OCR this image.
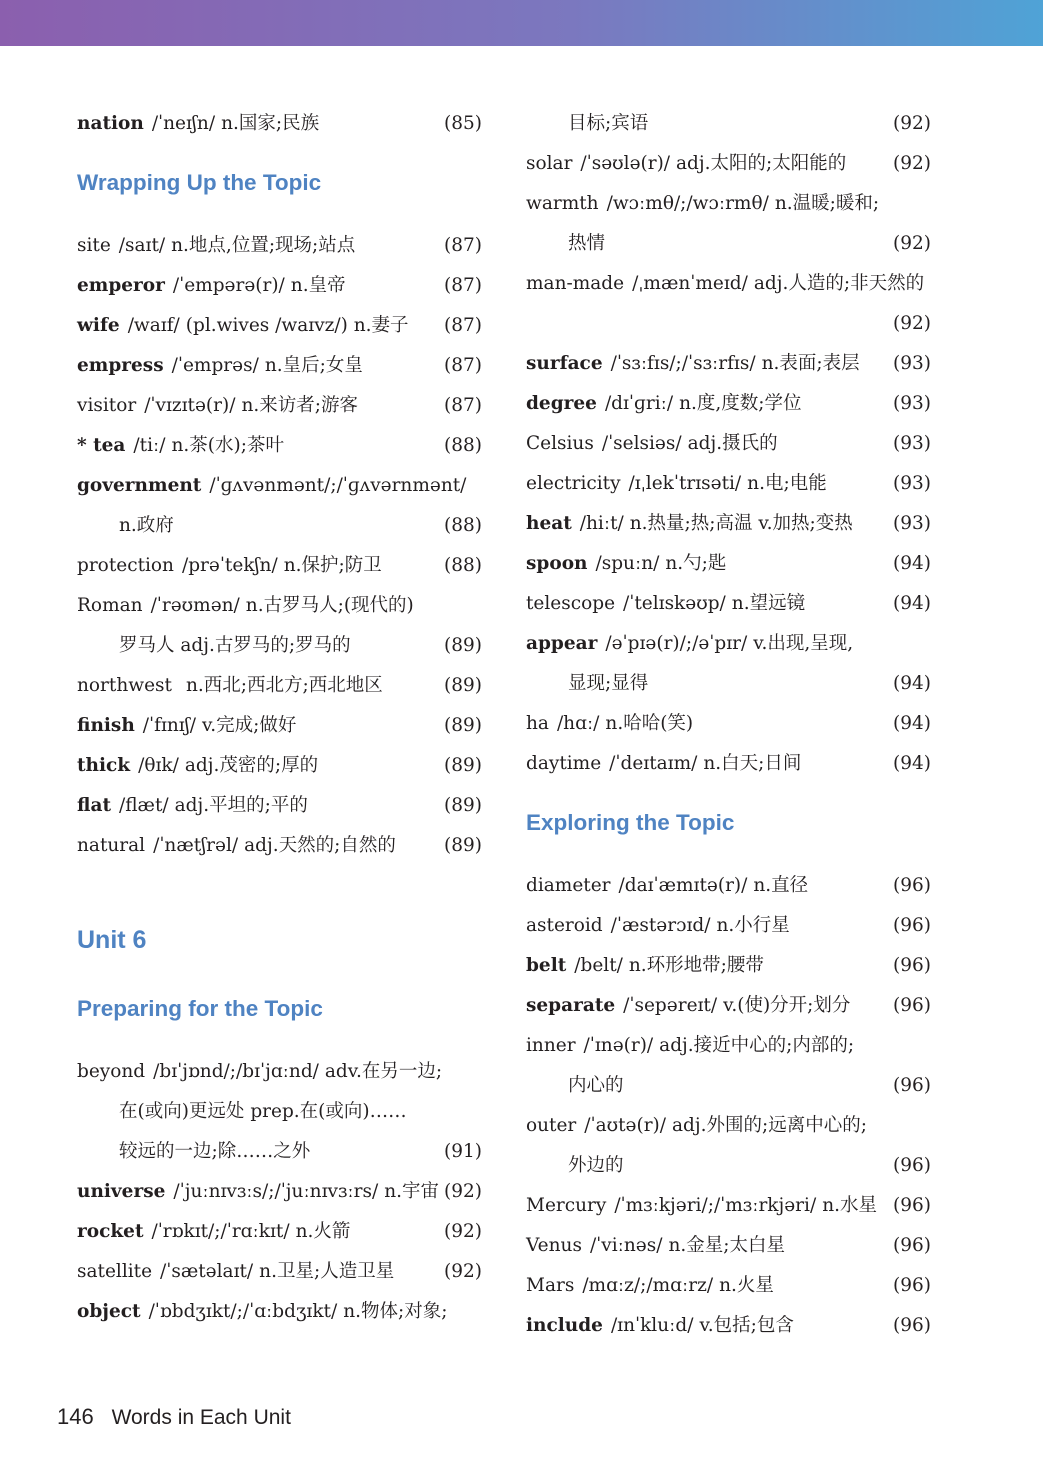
nation /ˈneɪʃn/ n.国家;民族	(85)
Wrapping Up the Topic
site /saɪt/ n.地点,位置;现场;站点	(87)
emperor /ˈempərə(r)/ n.皇帝	(87)
wife /waɪf/ (pl.wives /waɪvz/) n.妻子 (87)
empress /ˈemprəs/ n.皇后;女皇	(87)
visitor /ˈvɪzɪtə(r)/ n.来访者;游客	(87)
* tea /tiː/ n.茶(水);茶叶	(88)
government /ˈɡʌvənmənt/;/ˈɡʌvərnmənt/
n.政府	(88)
protection /prəˈtekʃn/ n.保护;防卫	(88)
Roman /ˈrəʊmən/ n.古罗马人;(现代的)
罗马人 adj.古罗马的;罗马的	(89)
northwest n.西北;西北方;西北地区	(89)
finish /ˈfɪnɪʃ/ v.完成;做好	(89)
thick /θɪk/ adj.茂密的;厚的	(89)
flat /flæt/ adj.平坦的;平的	(89)
natural /ˈnætʃrəl/ adj.天然的;自然的	(89)
Unit 6
Preparing for the Topic
beyond /bɪˈjɒnd/;/bɪˈjɑːnd/ adv.在另一边;
在(或向)更远处 prep.在(或向)……
较远的一边;除……之外	(91)
universe /ˈjuːnɪvɜːs/;/ˈjuːnɪvɜːrs/ n.宇宙 (92)
rocket /ˈrɒkɪt/;/ˈrɑːkɪt/ n.火箭	(92)
satellite /ˈsætəlaɪt/ n.卫星;人造卫星	(92)
object /ˈɒbdʒɪkt/;/ˈɑːbdʒɪkt/ n.物体;对象;
目标;宾语	(92)
solar /ˈsəʊlə(r)/ adj.太阳的;太阳能的	(92)
warmth /wɔːmθ/;/wɔːrmθ/ n.温暖;暖和;
热情	(92)
man-made /ˌmænˈmeɪd/ adj.人造的;非天然的
(92)
surface /ˈsɜːfɪs/;/ˈsɜːrfɪs/ n.表面;表层 (93)
degree /dɪˈɡriː/ n.度,度数;学位	(93)
Celsius /ˈselsiəs/ adj.摄氏的	(93)
electricity /ɪˌlekˈtrɪsəti/ n.电;电能	(93)
heat /hiːt/ n.热量;热;高温 v.加热;变热 (93)
spoon /spuːn/ n.勺;匙	(94)
telescope /ˈtelɪskəʊp/ n.望远镜	(94)
appear /əˈpɪə(r)/;/əˈpɪr/ v.出现,呈现,
显现;显得	(94)
ha /hɑː/ n.哈哈(笑)	(94)
daytime /ˈdeɪtaɪm/ n.白天;日间	(94)
Exploring the Topic
diameter /daɪˈæmɪtə(r)/ n.直径	(96)
asteroid /ˈæstərɔɪd/ n.小行星	(96)
belt /belt/ n.环形地带;腰带	(96)
separate /ˈsepəreɪt/ v.(使)分开;划分 (96)
inner /ˈɪnə(r)/ adj.接近中心的;内部的;
内心的	(96)
outer /ˈaʊtə(r)/ adj.外围的;远离中心的;
外边的	(96)
Mercury /ˈmɜːkjəri/;/ˈmɜːrkjəri/ n.水星 (96)
Venus /ˈviːnəs/ n.金星;太白星	(96)
Mars /mɑːz/;/mɑːrz/ n.火星	(96)
include /ɪnˈkluːd/ v.包括;包含	(96)
146 Words in Each Unit
